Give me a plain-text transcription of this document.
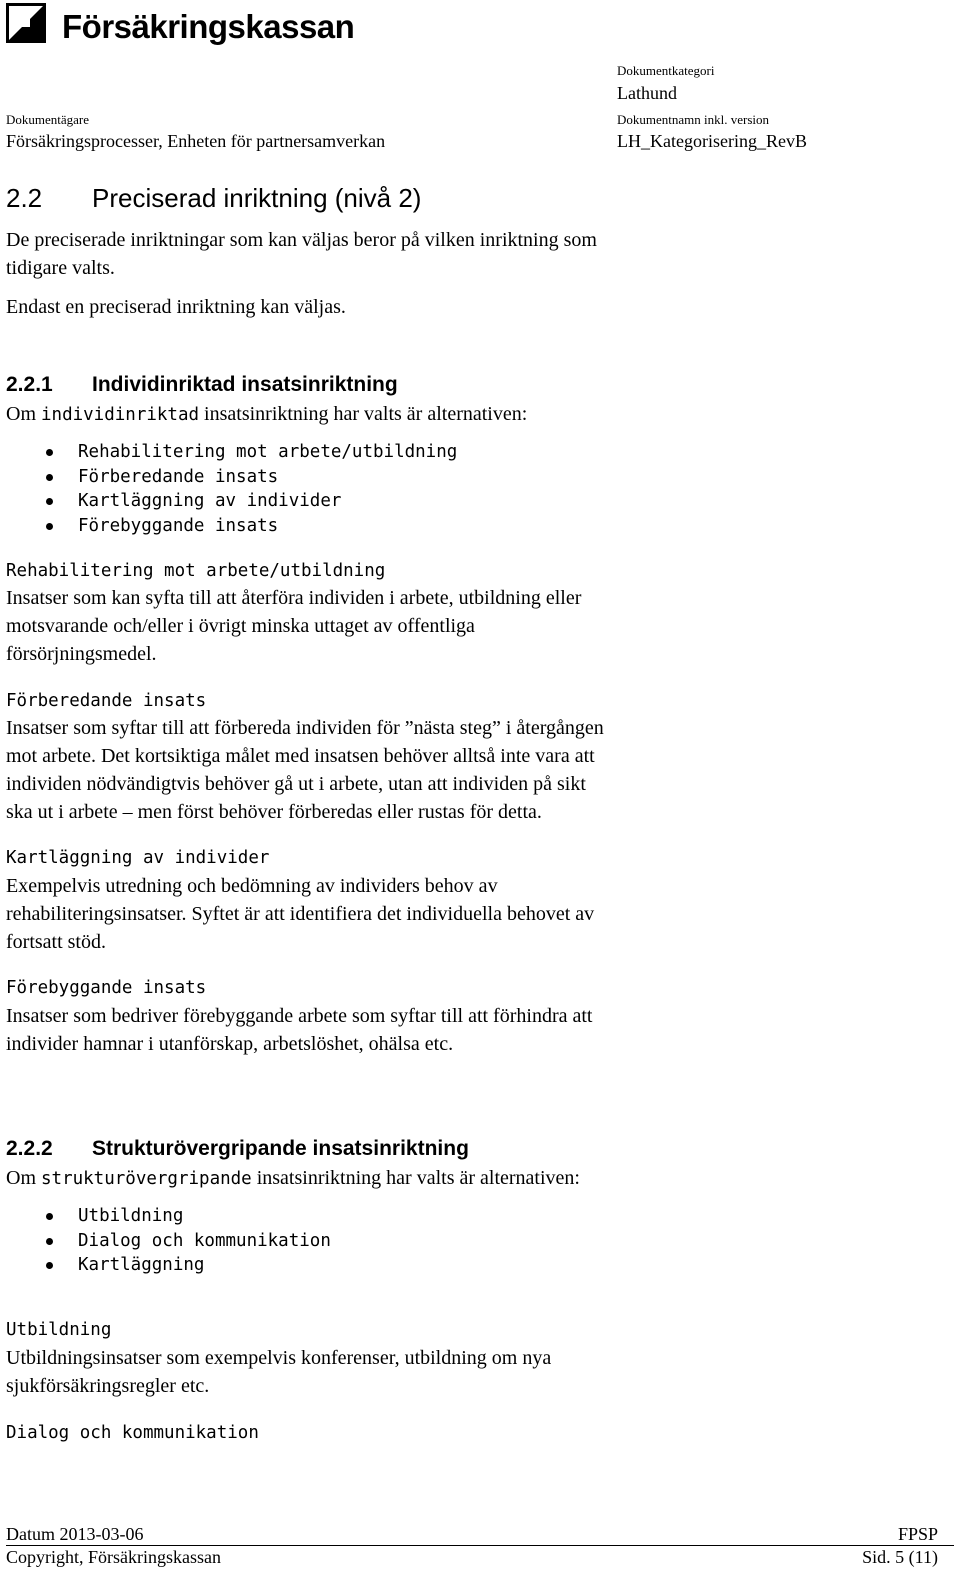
Försäkringskassan
Dokumentkategori
Lathund
Dokumentägare
Försäkringsprocesser, Enheten för partnersamverkan
Dokumentnamn inkl. version
LH_Kategorisering_RevB
2.2 Preciserad inriktning (nivå 2)
De preciserade inriktningar som kan väljas beror på vilken inriktning som
tidigare valts.
Endast en preciserad inriktning kan väljas.
2.2.1 Individinriktad insatsinriktning
Om individinriktad insatsinriktning har valts är alternativen:
Rehabilitering mot arbete/utbildning
Förberedande insats
Kartläggning av individer
Förebyggande insats
Rehabilitering mot arbete/utbildning
Insatser som kan syfta till att återföra individen i arbete, utbildning eller
motsvarande och/eller i övrigt minska uttaget av offentliga
försörjningsmedel.
Förberedande insats
Insatser som syftar till att förbereda individen för ”nästa steg” i återgången
mot arbete. Det kortsiktiga målet med insatsen behöver alltså inte vara att
individen nödvändigtvis behöver gå ut i arbete, utan att individen på sikt
ska ut i arbete – men först behöver förberedas eller rustas för detta.
Kartläggning av individer
Exempelvis utredning och bedömning av individers behov av
rehabiliteringsinsatser. Syftet är att identifiera det individuella behovet av
fortsatt stöd.
Förebyggande insats
Insatser som bedriver förebyggande arbete som syftar till att förhindra att
individer hamnar i utanförskap, arbetslöshet, ohälsa etc.
2.2.2 Strukturövergripande insatsinriktning
Om strukturövergripande insatsinriktning har valts är alternativen:
Utbildning
Dialog och kommunikation
Kartläggning
Utbildning
Utbildningsinsatser som exempelvis konferenser, utbildning om nya
sjukförsäkringsregler etc.
Dialog och kommunikation
Datum 2013-03-06	FPSP
Copyright, Försäkringskassan	Sid. 5 (11)
